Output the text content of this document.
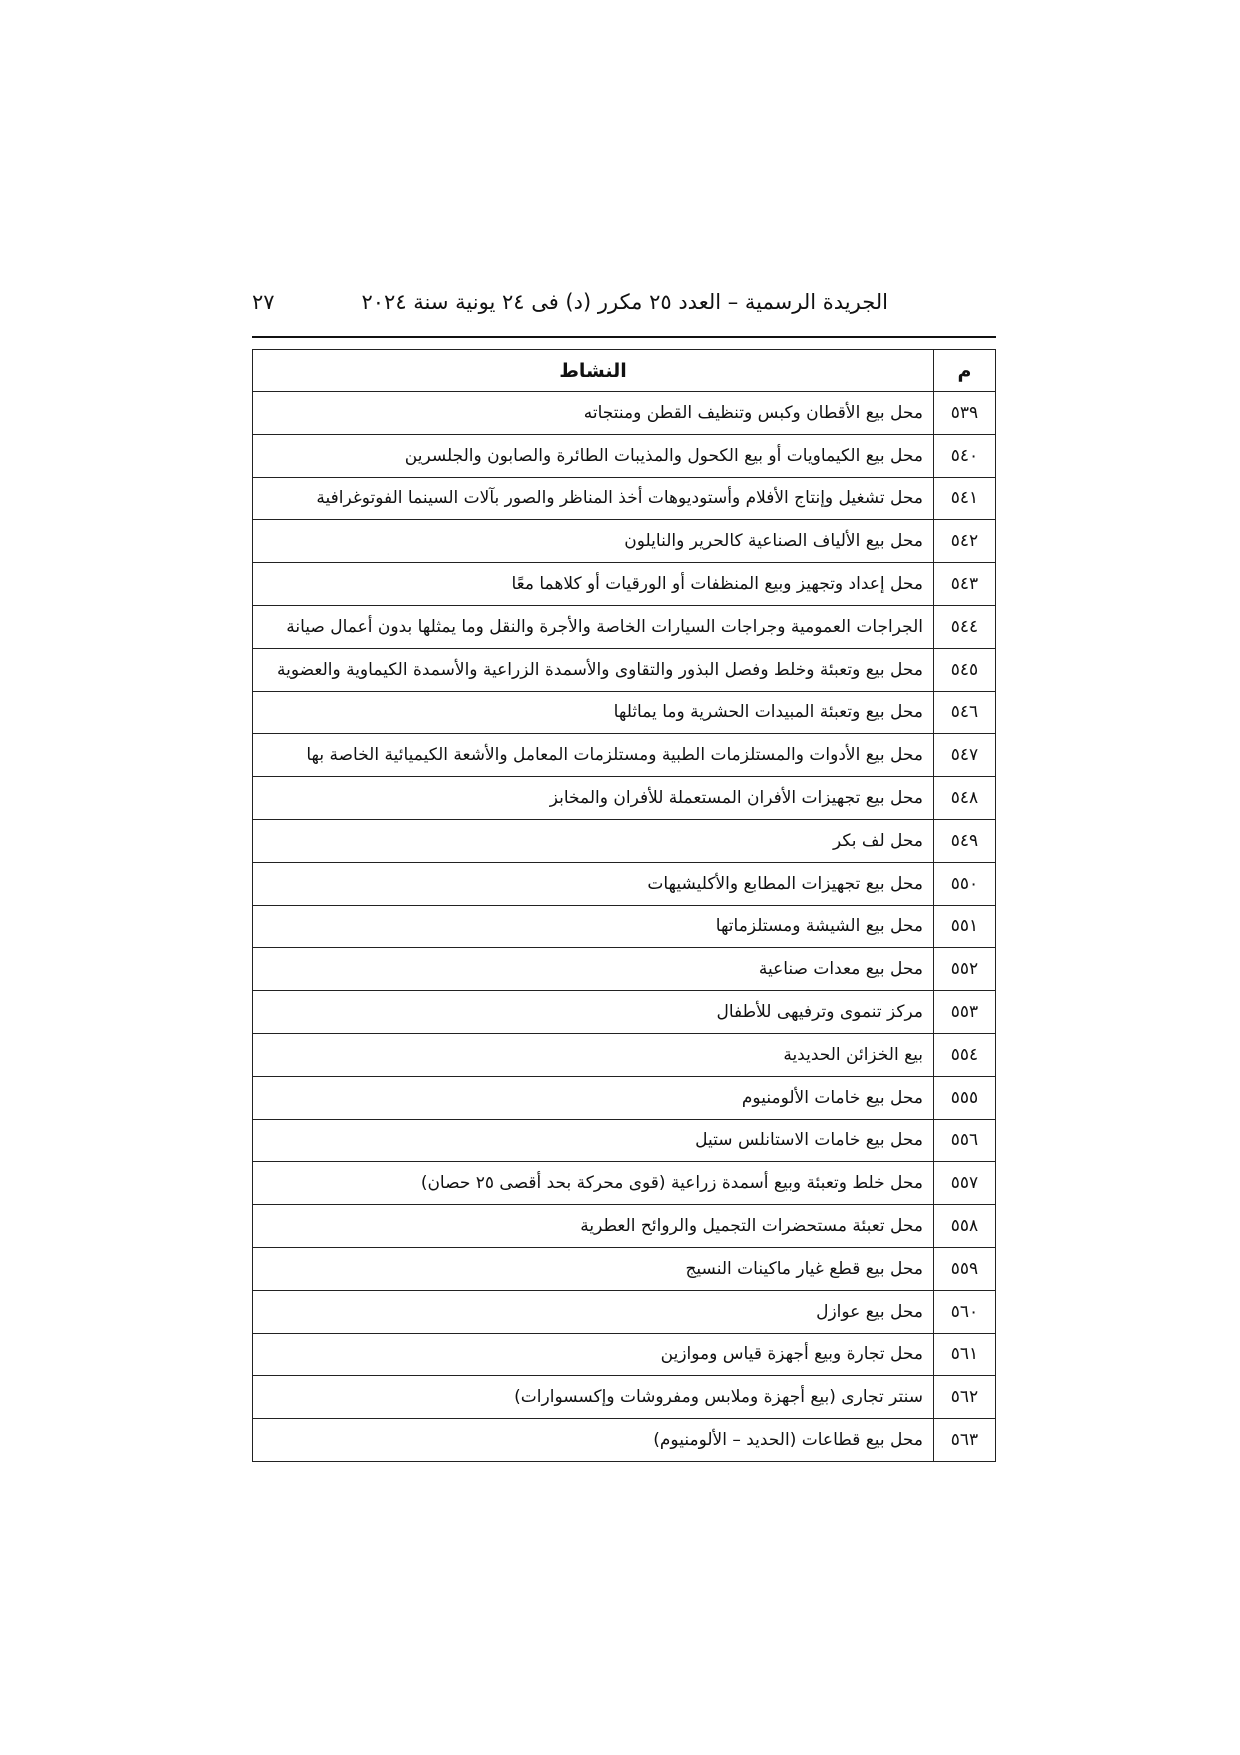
الجريدة الرسمية – العدد ٢٥ مكرر (د) فى ٢٤ يونية سنة ٢٠٢٤
٢٧
م	النشاط
٥٣٩	محل بيع الأقطان وكبس وتنظيف القطن ومنتجاته
٥٤٠	محل بيع الكيماويات أو بيع الكحول والمذيبات الطائرة والصابون والجلسرين
٥٤١	محل تشغيل وإنتاج الأفلام وأستوديوهات أخذ المناظر والصور بآلات السينما الفوتوغرافية
٥٤٢	محل بيع الألياف الصناعية كالحرير والنايلون
٥٤٣	محل إعداد وتجهيز وبيع المنظفات أو الورقيات أو كلاهما معًا
٥٤٤	الجراجات العمومية وجراجات السيارات الخاصة والأجرة والنقل وما يمثلها بدون أعمال صيانة
٥٤٥	محل بيع وتعبئة وخلط وفصل البذور والتقاوى والأسمدة الزراعية والأسمدة الكيماوية والعضوية
٥٤٦	محل بيع وتعبئة المبيدات الحشرية وما يماثلها
٥٤٧	محل بيع الأدوات والمستلزمات الطبية ومستلزمات المعامل والأشعة الكيميائية الخاصة بها
٥٤٨	محل بيع تجهيزات الأفران المستعملة للأفران والمخابز
٥٤٩	محل لف بكر
٥٥٠	محل بيع تجهيزات المطابع والأكليشيهات
٥٥١	محل بيع الشيشة ومستلزماتها
٥٥٢	محل بيع معدات صناعية
٥٥٣	مركز تنموى وترفيهى للأطفال
٥٥٤	بيع الخزائن الحديدية
٥٥٥	محل بيع خامات الألومنيوم
٥٥٦	محل بيع خامات الاستانلس ستيل
٥٥٧	محل خلط وتعبئة وبيع أسمدة زراعية (قوى محركة بحد أقصى ٢٥ حصان)
٥٥٨	محل تعبئة مستحضرات التجميل والروائح العطرية
٥٥٩	محل بيع قطع غيار ماكينات النسيج
٥٦٠	محل بيع عوازل
٥٦١	محل تجارة وبيع أجهزة قياس وموازين
٥٦٢	سنتر تجارى (بيع أجهزة وملابس ومفروشات وإكسسوارات)
٥٦٣	محل بيع قطاعات (الحديد – الألومنيوم)
